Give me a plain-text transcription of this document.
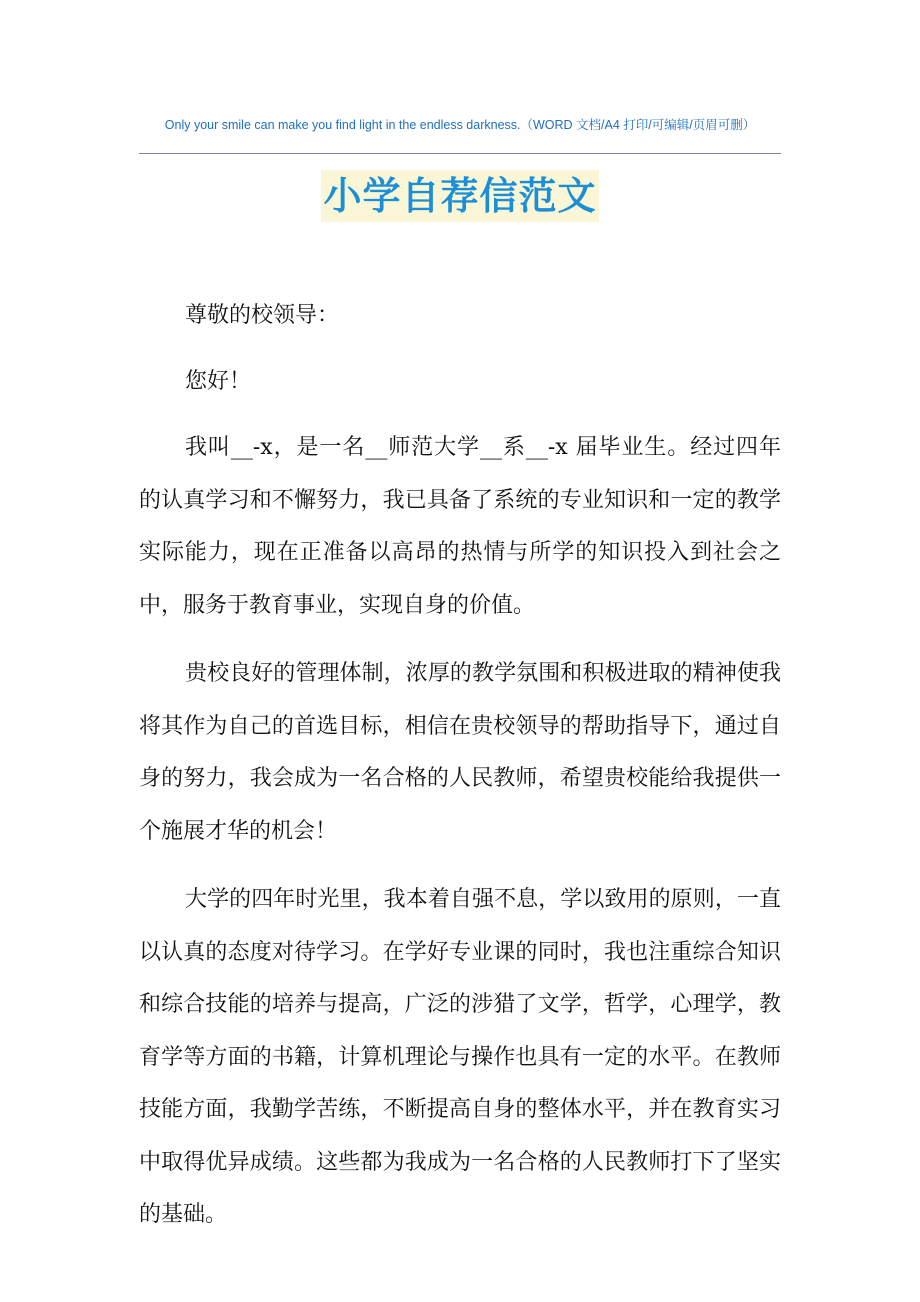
Only your smile can make you find light in the endless darkness.（WORD 文档/A4 打印/可编辑/页眉可删）
小学自荐信范文

尊敬的校领导：

您好！

我叫__-x，是一名__师范大学__系__-x 届毕业生。经过四年的认真学习和不懈努力，我已具备了系统的专业知识和一定的教学实际能力，现在正准备以高昂的热情与所学的知识投入到社会之中，服务于教育事业，实现自身的价值。

贵校良好的管理体制，浓厚的教学氛围和积极进取的精神使我将其作为自己的首选目标，相信在贵校领导的帮助指导下，通过自身的努力，我会成为一名合格的人民教师，希望贵校能给我提供一个施展才华的机会！

大学的四年时光里，我本着自强不息，学以致用的原则，一直以认真的态度对待学习。在学好专业课的同时，我也注重综合知识和综合技能的培养与提高，广泛的涉猎了文学，哲学，心理学，教育学等方面的书籍，计算机理论与操作也具有一定的水平。在教师技能方面，我勤学苦练，不断提高自身的整体水平，并在教育实习中取得优异成绩。这些都为我成为一名合格的人民教师打下了坚实的基础。
